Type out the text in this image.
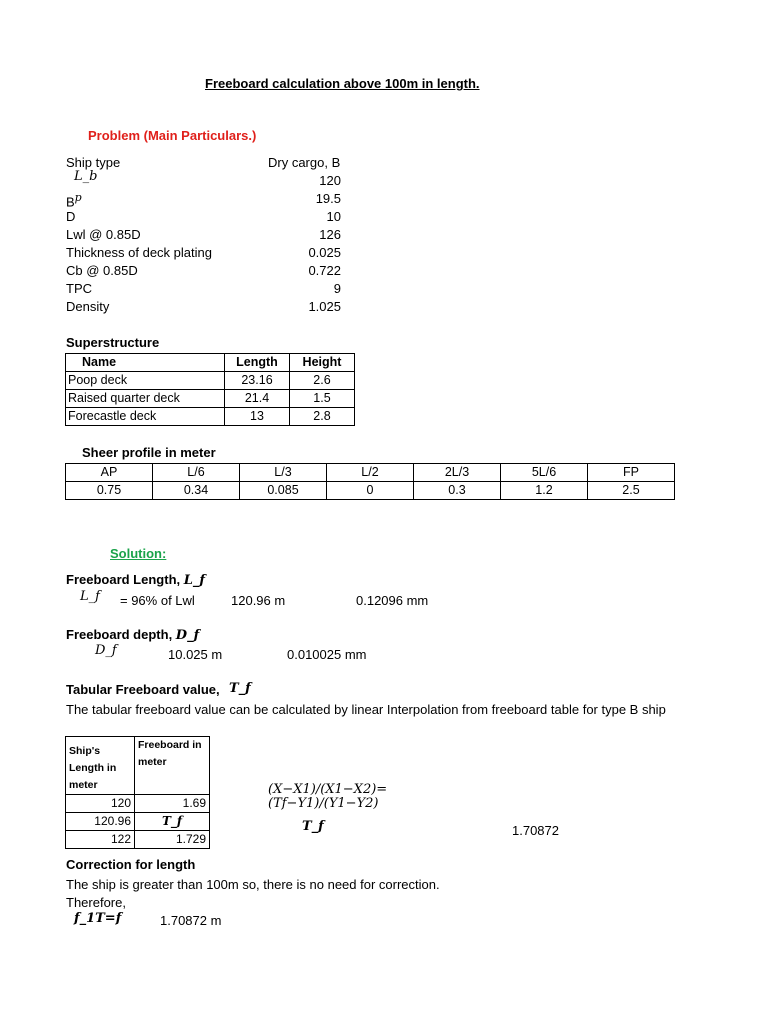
Freeboard calculation above 100m in length.
Problem (Main Particulars.)
Ship type	Dry cargo, B
L_b	120
$B^p$	19.5
D	10
Lwl @ 0.85D	126
Thickness of deck plating	0.025
Cb @ 0.85D	0.722
TPC	9
Density	1.025
Superstructure
Name	Length	Height
Poop deck	23.16	2.6
Raised quarter deck	21.4	1.5
Forecastle deck	13	2.8
Sheer profile in meter
AP	L/6	L/3	L/2	2L/3	5L/6	FP
0.75	0.34	0.085	0	0.3	1.2	2.5
Solution:
Freeboard Length, L_f
L_f = 96% of Lwl	120.96 m	0.12096 mm
Freeboard depth, D_f
D_f	10.025 m	0.010025 mm
Tabular Freeboard value, T_f
The tabular freeboard value can be calculated by linear Interpolation from freeboard table for type B ship
Ship's Length in meter	Freeboard in meter
120	1.69
120.96	T_f
122	1.729
(X−X1)/(X1−X2)=
(Tf−Y1)/(Y1−Y2)
T_f	1.70872
Correction for length
The ship is greater than 100m so, there is no need for correction.
Therefore,
f_1T=f	1.70872 m
